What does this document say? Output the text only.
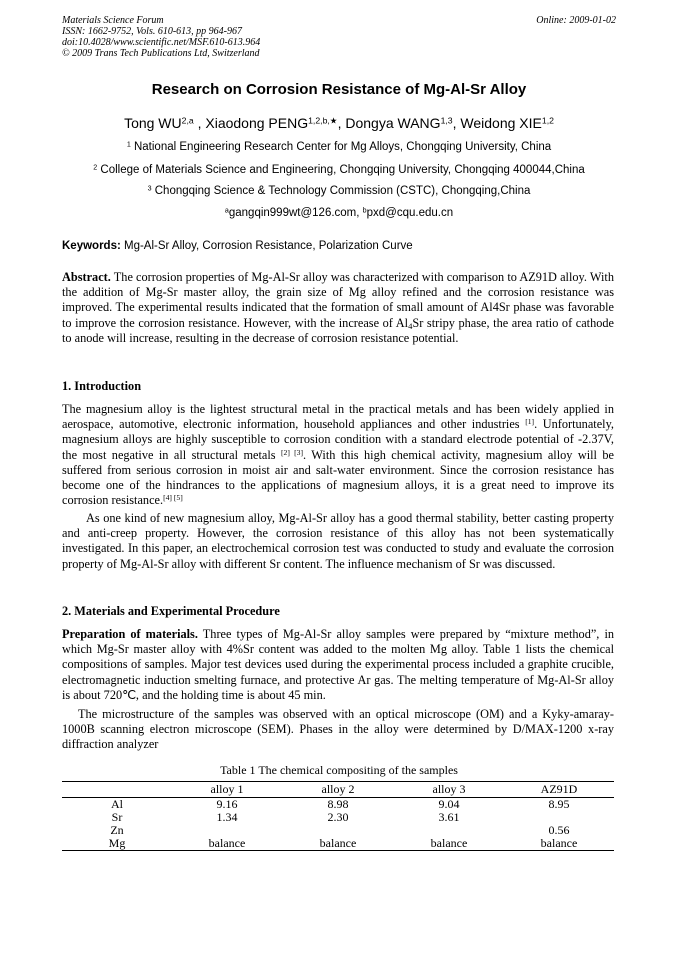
Materials Science Forum
ISSN: 1662-9752, Vols. 610-613, pp 964-967
doi:10.4028/www.scientific.net/MSF.610-613.964
© 2009 Trans Tech Publications Ltd, Switzerland
Online: 2009-01-02
Research on Corrosion Resistance of Mg-Al-Sr Alloy
Tong WU$^{2,a}$ , Xiaodong $PENG^{1,2,b,★}$, Dongya WANG$^{1,3}$, Weidong XIE$^{1,2}$
$^1$ National Engineering Research Center for Mg Alloys, Chongqing University, China
$^2$ College of Materials Science and Engineering, Chongqing University, Chongqing 400044,China
$^3$ Chongqing Science & Technology Commission (CSTC), Chongqing,China
$^a$gangqin999wt@126.com, $^b$pxd@cqu.edu.cn
Keywords: Mg-Al-Sr Alloy, Corrosion Resistance, Polarization Curve
Abstract. The corrosion properties of Mg-Al-Sr alloy was characterized with comparison to AZ91D alloy. With the addition of Mg-Sr master alloy, the grain size of Mg alloy refined and the corrosion resistance was improved. The experimental results indicated that the formation of small amount of Al4Sr phase was favorable to improve the corrosion resistance. However, with the increase of $Al_4Sr$ stripy phase, the area ratio of cathode to anode will increase, resulting in the decrease of corrosion resistance potential.
1. Introduction
The magnesium alloy is the lightest structural metal in the practical metals and has been widely applied in aerospace, automotive, electronic information, household appliances and other industries [1]. Unfortunately, magnesium alloys are highly susceptible to corrosion condition with a standard electrode potential of -2.37V, the most negative in all structural metals [2] [3]. With this high chemical activity, magnesium alloy will be suffered from serious corrosion in moist air and salt-water environment. Since the corrosion resistance has become one of the hindrances to the applications of magnesium alloys, it is a great need to improve its corrosion resistance.[4] [5]
As one kind of new magnesium alloy, Mg-Al-Sr alloy has a good thermal stability, better casting property and anti-creep property. However, the corrosion resistance of this alloy has not been systematically investigated. In this paper, an electrochemical corrosion test was conducted to study and evaluate the corrosion property of Mg-Al-Sr alloy with different Sr content. The influence mechanism of Sr was discussed.
2. Materials and Experimental Procedure
Preparation of materials. Three types of Mg-Al-Sr alloy samples were prepared by “mixture method”, in which Mg-Sr master alloy with 4%Sr content was added to the molten Mg alloy. Table 1 lists the chemical compositions of samples. Major test devices used during the experimental process included a graphite crucible, electromagnetic induction smelting furnace, and protective Ar gas. The melting temperature of Mg-Al-Sr alloy is about 720℃, and the holding time is about 45 min.
The microstructure of the samples was observed with an optical microscope (OM) and a Kyky-amaray-1000B scanning electron microscope (SEM). Phases in the alloy were determined by D/MAX-1200 x-ray diffraction analyzer
Table 1 The chemical compositing of the samples
	alloy 1	alloy 2	alloy 3	AZ91D
Al	9.16	8.98	9.04	8.95
Sr	1.34	2.30	3.61	
Zn				0.56
Mg	balance	balance	balance	balance
